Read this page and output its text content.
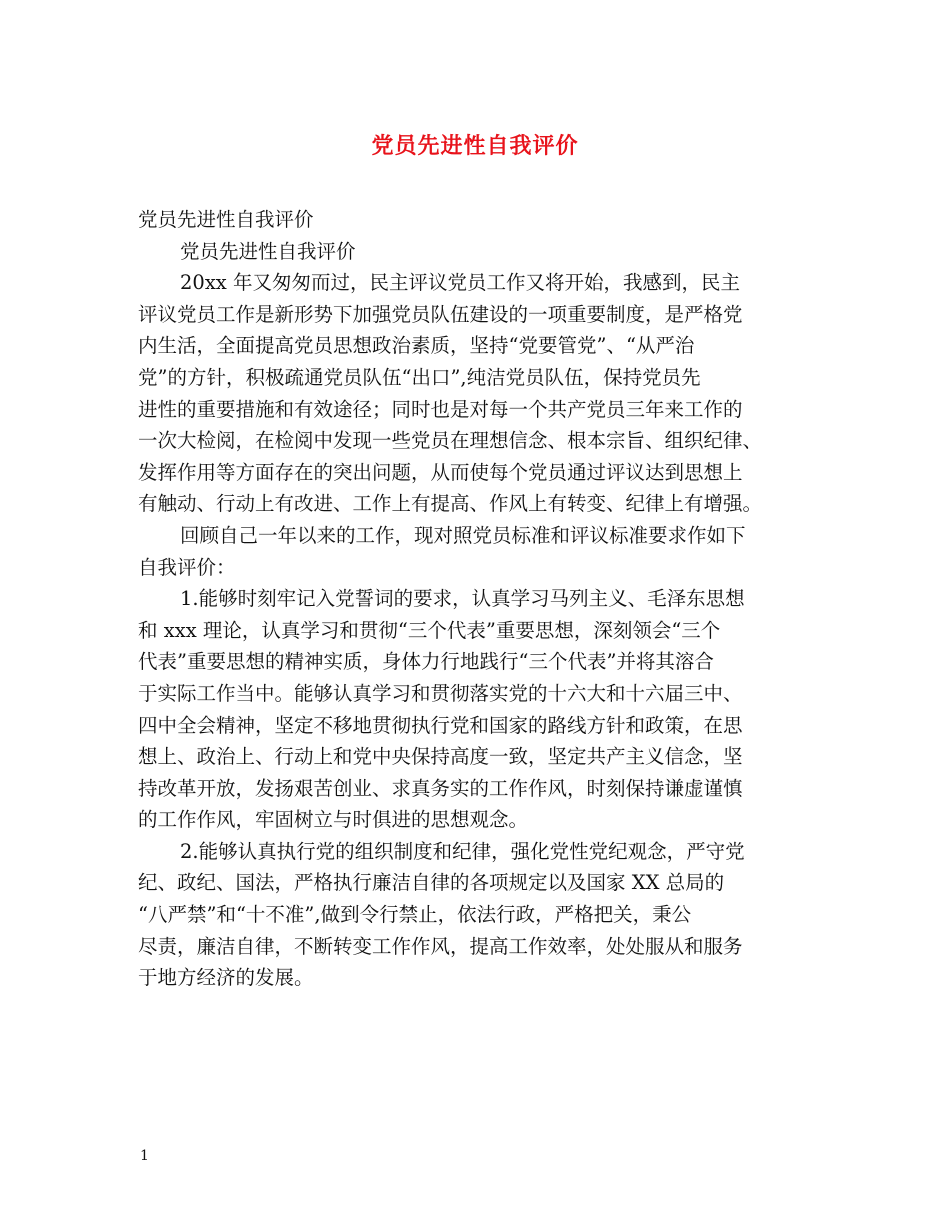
党员先进性自我评价

党员先进性自我评价

党员先进性自我评价

20xx 年又匆匆而过，民主评议党员工作又将开始，我感到，民主

评议党员工作是新形势下加强党员队伍建设的一项重要制度，是严格党

内生活，全面提高党员思想政治素质，坚持“党要管党”、“从严治

党”的方针，积极疏通党员队伍“出口”,纯洁党员队伍，保持党员先

进性的重要措施和有效途径；同时也是对每一个共产党员三年来工作的

一次大检阅，在检阅中发现一些党员在理想信念、根本宗旨、组织纪律、

发挥作用等方面存在的突出问题，从而使每个党员通过评议达到思想上

有触动、行动上有改进、工作上有提高、作风上有转变、纪律上有增强。

回顾自己一年以来的工作，现对照党员标准和评议标准要求作如下

自我评价：

1.能够时刻牢记入党誓词的要求，认真学习马列主义、毛泽东思想

和 xxx 理论，认真学习和贯彻“三个代表”重要思想，深刻领会“三个

代表”重要思想的精神实质，身体力行地践行“三个代表”并将其溶合

于实际工作当中。能够认真学习和贯彻落实党的十六大和十六届三中、

四中全会精神，坚定不移地贯彻执行党和国家的路线方针和政策，在思

想上、政治上、行动上和党中央保持高度一致，坚定共产主义信念，坚

持改革开放，发扬艰苦创业、求真务实的工作作风，时刻保持谦虚谨慎

的工作作风，牢固树立与时俱进的思想观念。

2.能够认真执行党的组织制度和纪律，强化党性党纪观念，严守党

纪、政纪、国法，严格执行廉洁自律的各项规定以及国家 XX 总局的

“八严禁”和“十不准”,做到令行禁止，依法行政，严格把关，秉公

尽责，廉洁自律，不断转变工作作风，提高工作效率，处处服从和服务

于地方经济的发展。

1
